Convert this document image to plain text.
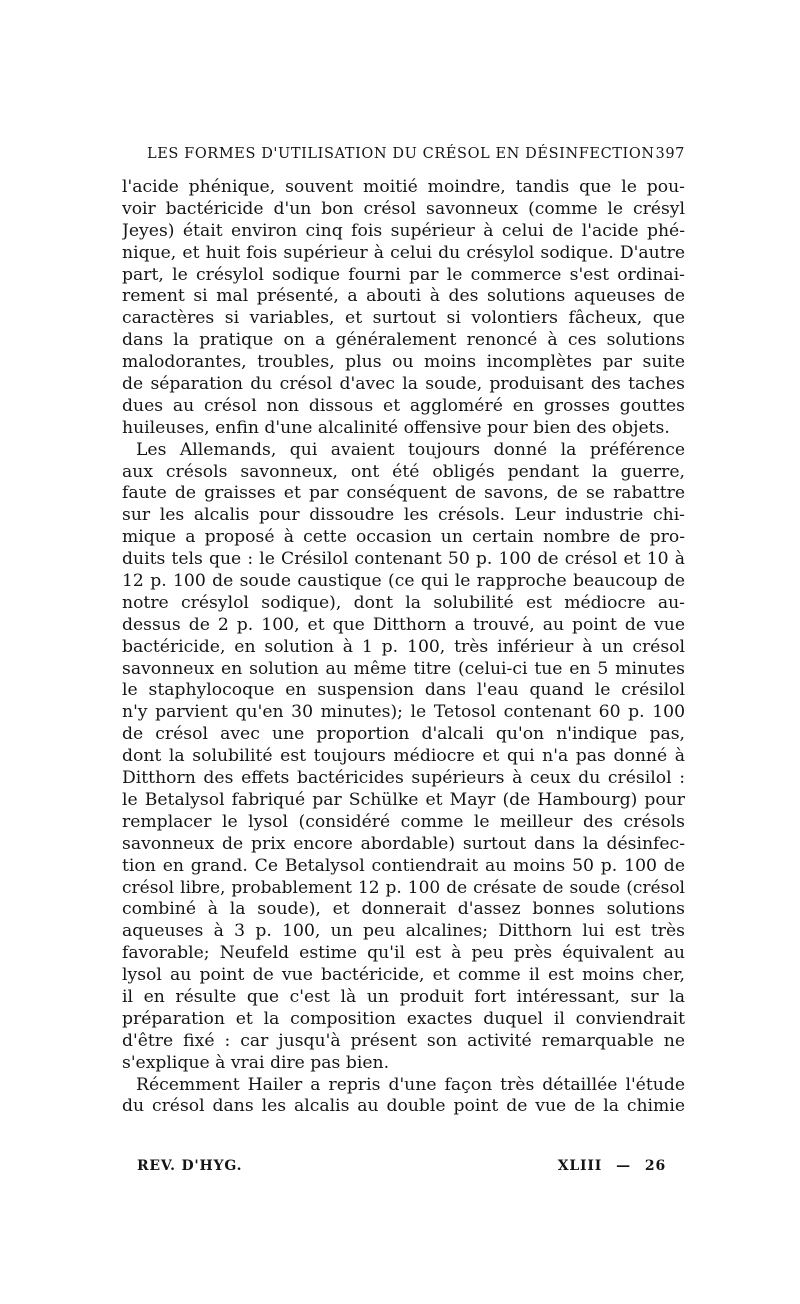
LES FORMES D'UTILISATION DU CRÉSOL EN DÉSINFECTION 397
l'acide phénique, souvent moitié moindre, tandis que le pou-
voir bactéricide d'un bon crésol savonneux (comme le crésyl
Jeyes) était environ cinq fois supérieur à celui de l'acide phé-
nique, et huit fois supérieur à celui du crésylol sodique. D'autre
part, le crésylol sodique fourni par le commerce s'est ordinai-
rement si mal présenté, a abouti à des solutions aqueuses de
caractères si variables, et surtout si volontiers fâcheux, que
dans la pratique on a généralement renoncé à ces solutions
malodorantes, troubles, plus ou moins incomplètes par suite
de séparation du crésol d'avec la soude, produisant des taches
dues au crésol non dissous et aggloméré en grosses gouttes
huileuses, enfin d'une alcalinité offensive pour bien des objets.
Les Allemands, qui avaient toujours donné la préférence
aux crésols savonneux, ont été obligés pendant la guerre,
faute de graisses et par conséquent de savons, de se rabattre
sur les alcalis pour dissoudre les crésols. Leur industrie chi-
mique a proposé à cette occasion un certain nombre de pro-
duits tels que : le Crésilol contenant 50 p. 100 de crésol et 10 à
12 p. 100 de soude caustique (ce qui le rapproche beaucoup de
notre crésylol sodique), dont la solubilité est médiocre au-
dessus de 2 p. 100, et que Ditthorn a trouvé, au point de vue
bactéricide, en solution à 1 p. 100, très inférieur à un crésol
savonneux en solution au même titre (celui-ci tue en 5 minutes
le staphylocoque en suspension dans l'eau quand le crésilol
n'y parvient qu'en 30 minutes); le Tetosol contenant 60 p. 100
de crésol avec une proportion d'alcali qu'on n'indique pas,
dont la solubilité est toujours médiocre et qui n'a pas donné à
Ditthorn des effets bactéricides supérieurs à ceux du crésilol :
le Betalysol fabriqué par Schülke et Mayr (de Hambourg) pour
remplacer le lysol (considéré comme le meilleur des crésols
savonneux de prix encore abordable) surtout dans la désinfec-
tion en grand. Ce Betalysol contiendrait au moins 50 p. 100 de
crésol libre, probablement 12 p. 100 de crésate de soude (crésol
combiné à la soude), et donnerait d'assez bonnes solutions
aqueuses à 3 p. 100, un peu alcalines; Ditthorn lui est très
favorable; Neufeld estime qu'il est à peu près équivalent au
lysol au point de vue bactéricide, et comme il est moins cher,
il en résulte que c'est là un produit fort intéressant, sur la
préparation et la composition exactes duquel il conviendrait
d'être fixé : car jusqu'à présent son activité remarquable ne
s'explique à vrai dire pas bien.
Récemment Hailer a repris d'une façon très détaillée l'étude
du crésol dans les alcalis au double point de vue de la chimie
REV. D'HYG.	XLIII — 26
